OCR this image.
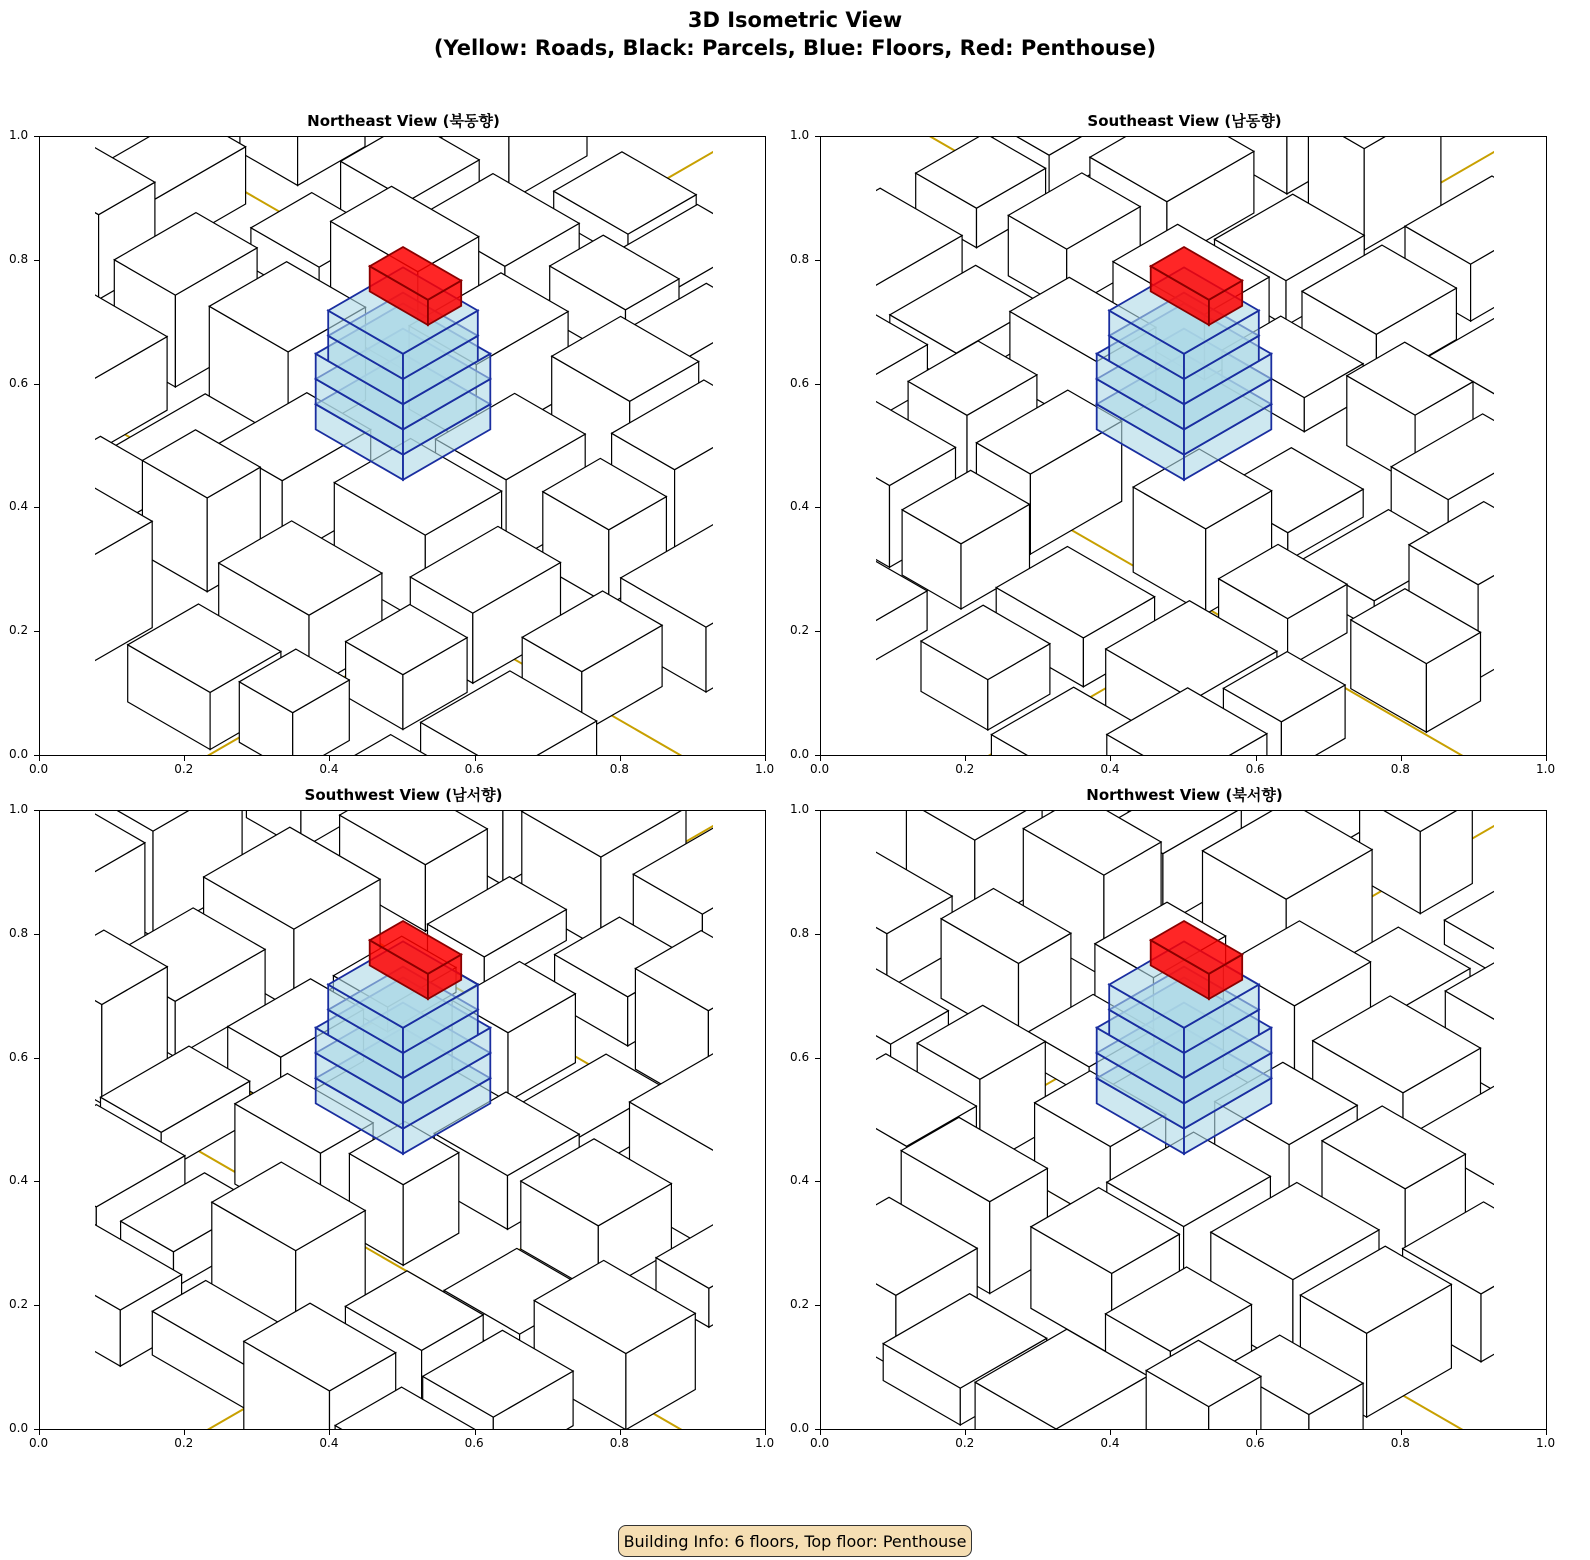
3D Isometric View
(Yellow: Roads, Black: Parcels, Blue: Floors, Red: Penthouse)
Northeast View (북동향)
0.0
0.0
0.2
0.2
0.4
0.4
0.6
0.6
0.8
0.8
1.0
1.0
Southeast View (남동향)
0.0
0.0
0.2
0.2
0.4
0.4
0.6
0.6
0.8
0.8
1.0
1.0
Southwest View (남서향)
0.0
0.0
0.2
0.2
0.4
0.4
0.6
0.6
0.8
0.8
1.0
1.0
Northwest View (북서향)
0.0
0.0
0.2
0.2
0.4
0.4
0.6
0.6
0.8
0.8
1.0
1.0
Building Info: 6 floors, Top floor: Penthouse
